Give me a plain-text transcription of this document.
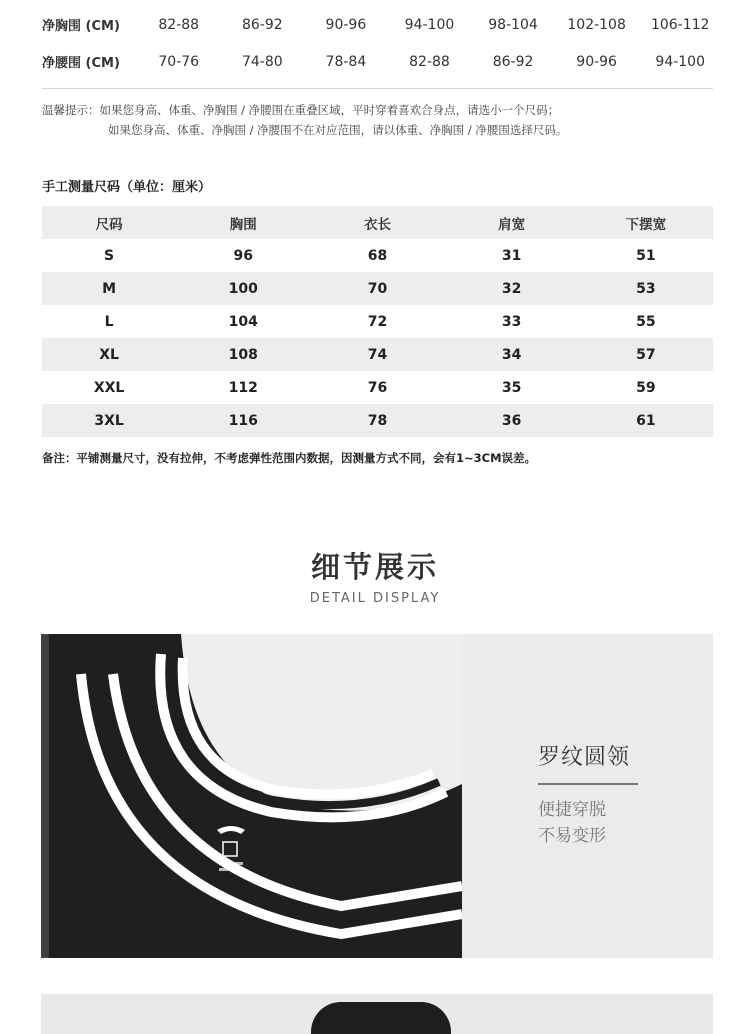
净胸围 (CM)	82-88	86-92	90-96	94-100	98-104	102-108	106-112
净腰围 (CM)	70-76	74-80	78-84	82-88	86-92	90-96	94-100
温馨提示：如果您身高、体重、净胸围 / 净腰围在重叠区域，平时穿着喜欢合身点，请选小一个尺码；
如果您身高、体重、净胸围 / 净腰围不在对应范围，请以体重、净胸围 / 净腰围选择尺码。
手工测量尺码（单位：厘米）
尺码	胸围	衣长	肩宽	下摆宽
S	96	68	31	51
M	100	70	32	53
L	104	72	33	55
XL	108	74	34	57
XXL	112	76	35	59
3XL	116	78	36	61
备注：平铺测量尺寸，没有拉伸，不考虑弹性范围内数据，因测量方式不同，会有1~3CM误差。
细节展示
DETAIL DISPLAY
罗纹圆领
便捷穿脱
不易变形
